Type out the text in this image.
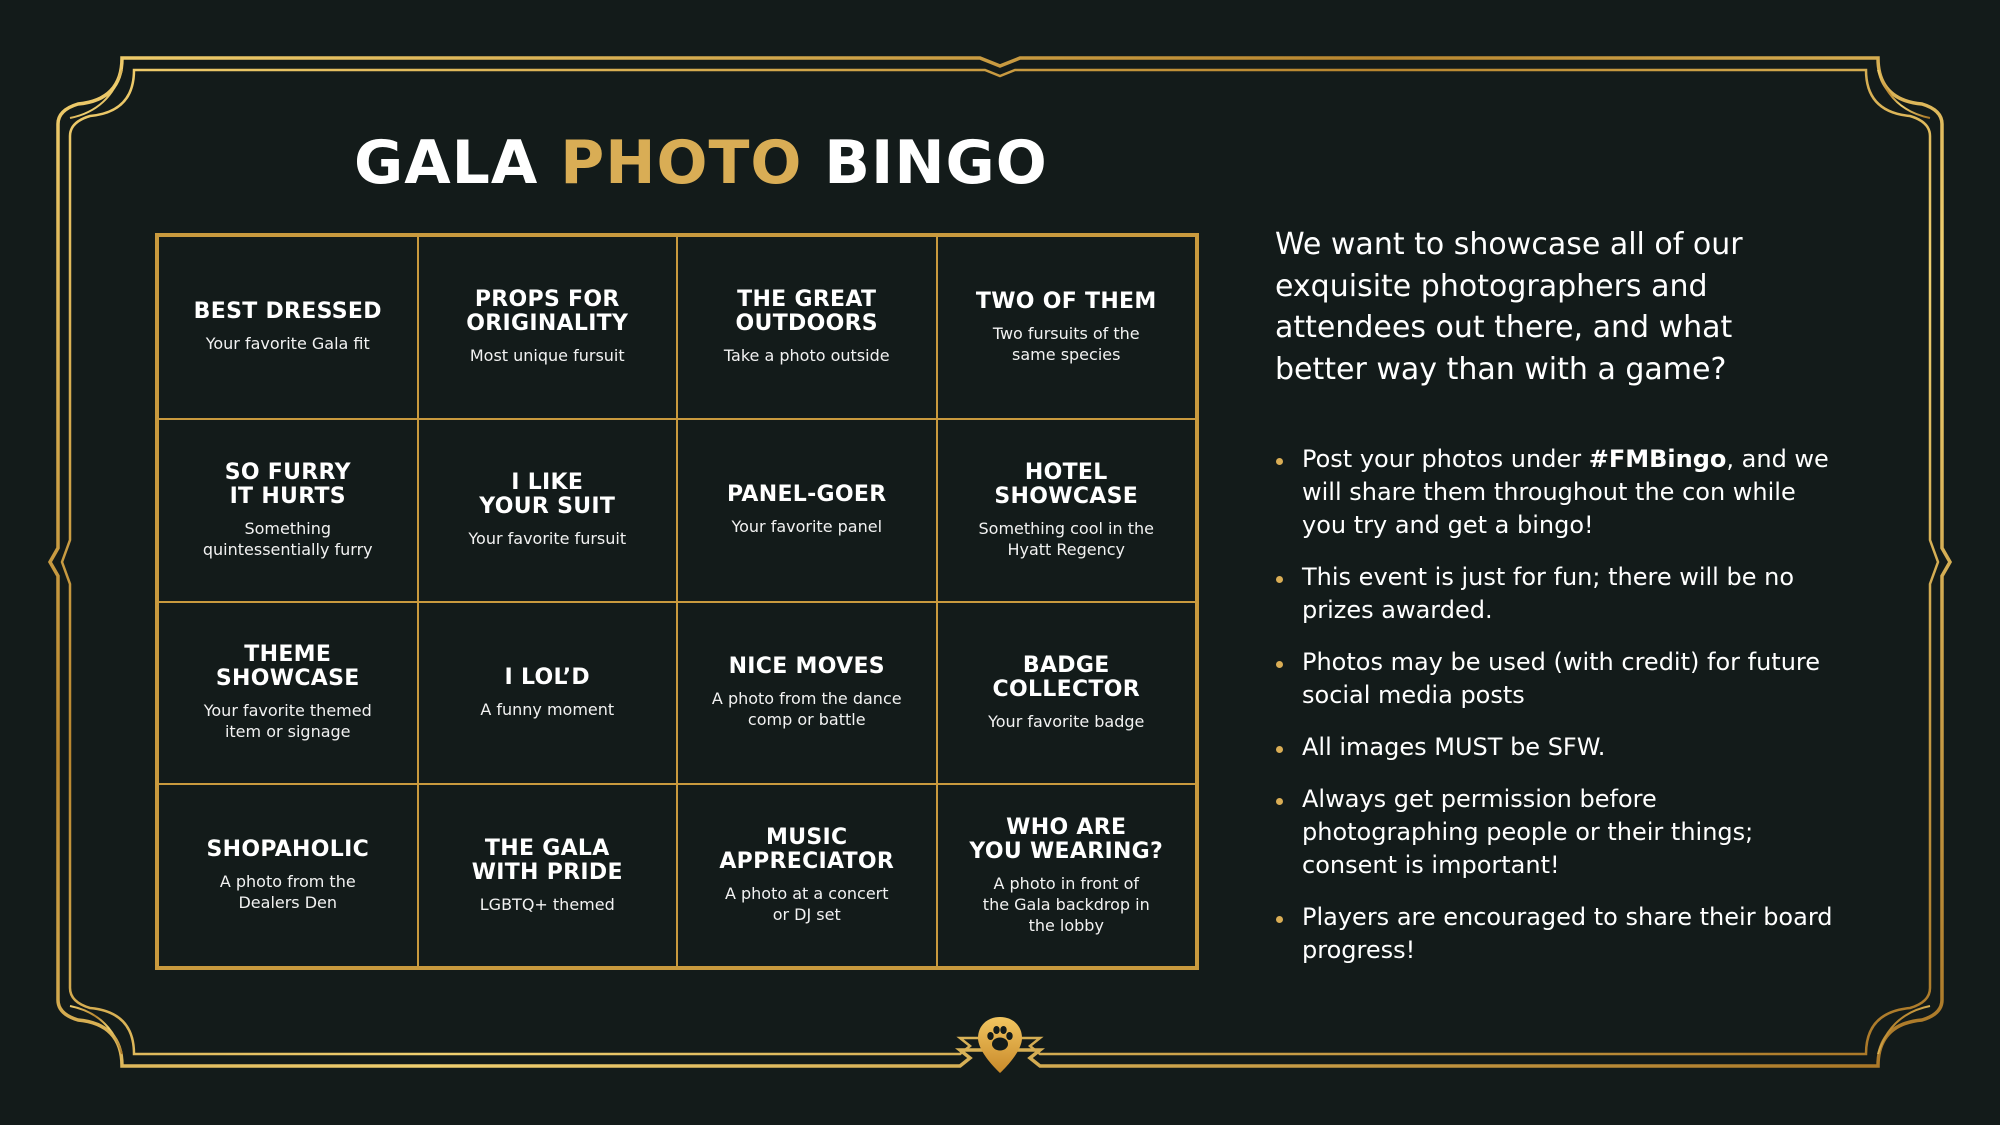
GALA PHOTO BINGO
BEST DRESSED
Your favorite Gala fit
PROPS FOR
ORIGINALITY
Most unique fursuit
THE GREAT
OUTDOORS
Take a photo outside
TWO OF THEM
Two fursuits of the
same species
SO FURRY
IT HURTS
Something
quintessentially furry
I LIKE
YOUR SUIT
Your favorite fursuit
PANEL-GOER
Your favorite panel
HOTEL
SHOWCASE
Something cool in the
Hyatt Regency
THEME
SHOWCASE
Your favorite themed
item or signage
I LOL’D
A funny moment
NICE MOVES
A photo from the dance
comp or battle
BADGE
COLLECTOR
Your favorite badge
SHOPAHOLIC
A photo from the
Dealers Den
THE GALA
WITH PRIDE
LGBTQ+ themed
MUSIC
APPRECIATOR
A photo at a concert
or DJ set
WHO ARE
YOU WEARING?
A photo in front of
the Gala backdrop in
the lobby

We want to showcase all of our exquisite photographers and attendees out there, and what better way than with a game?

Post your photos under #FMBingo, and we will share them throughout the con while you try and get a bingo!
This event is just for fun; there will be no prizes awarded.
Photos may be used (with credit) for future social media posts
All images MUST be SFW.
Always get permission before photographing people or their things; consent is important!
Players are encouraged to share their board progress!
